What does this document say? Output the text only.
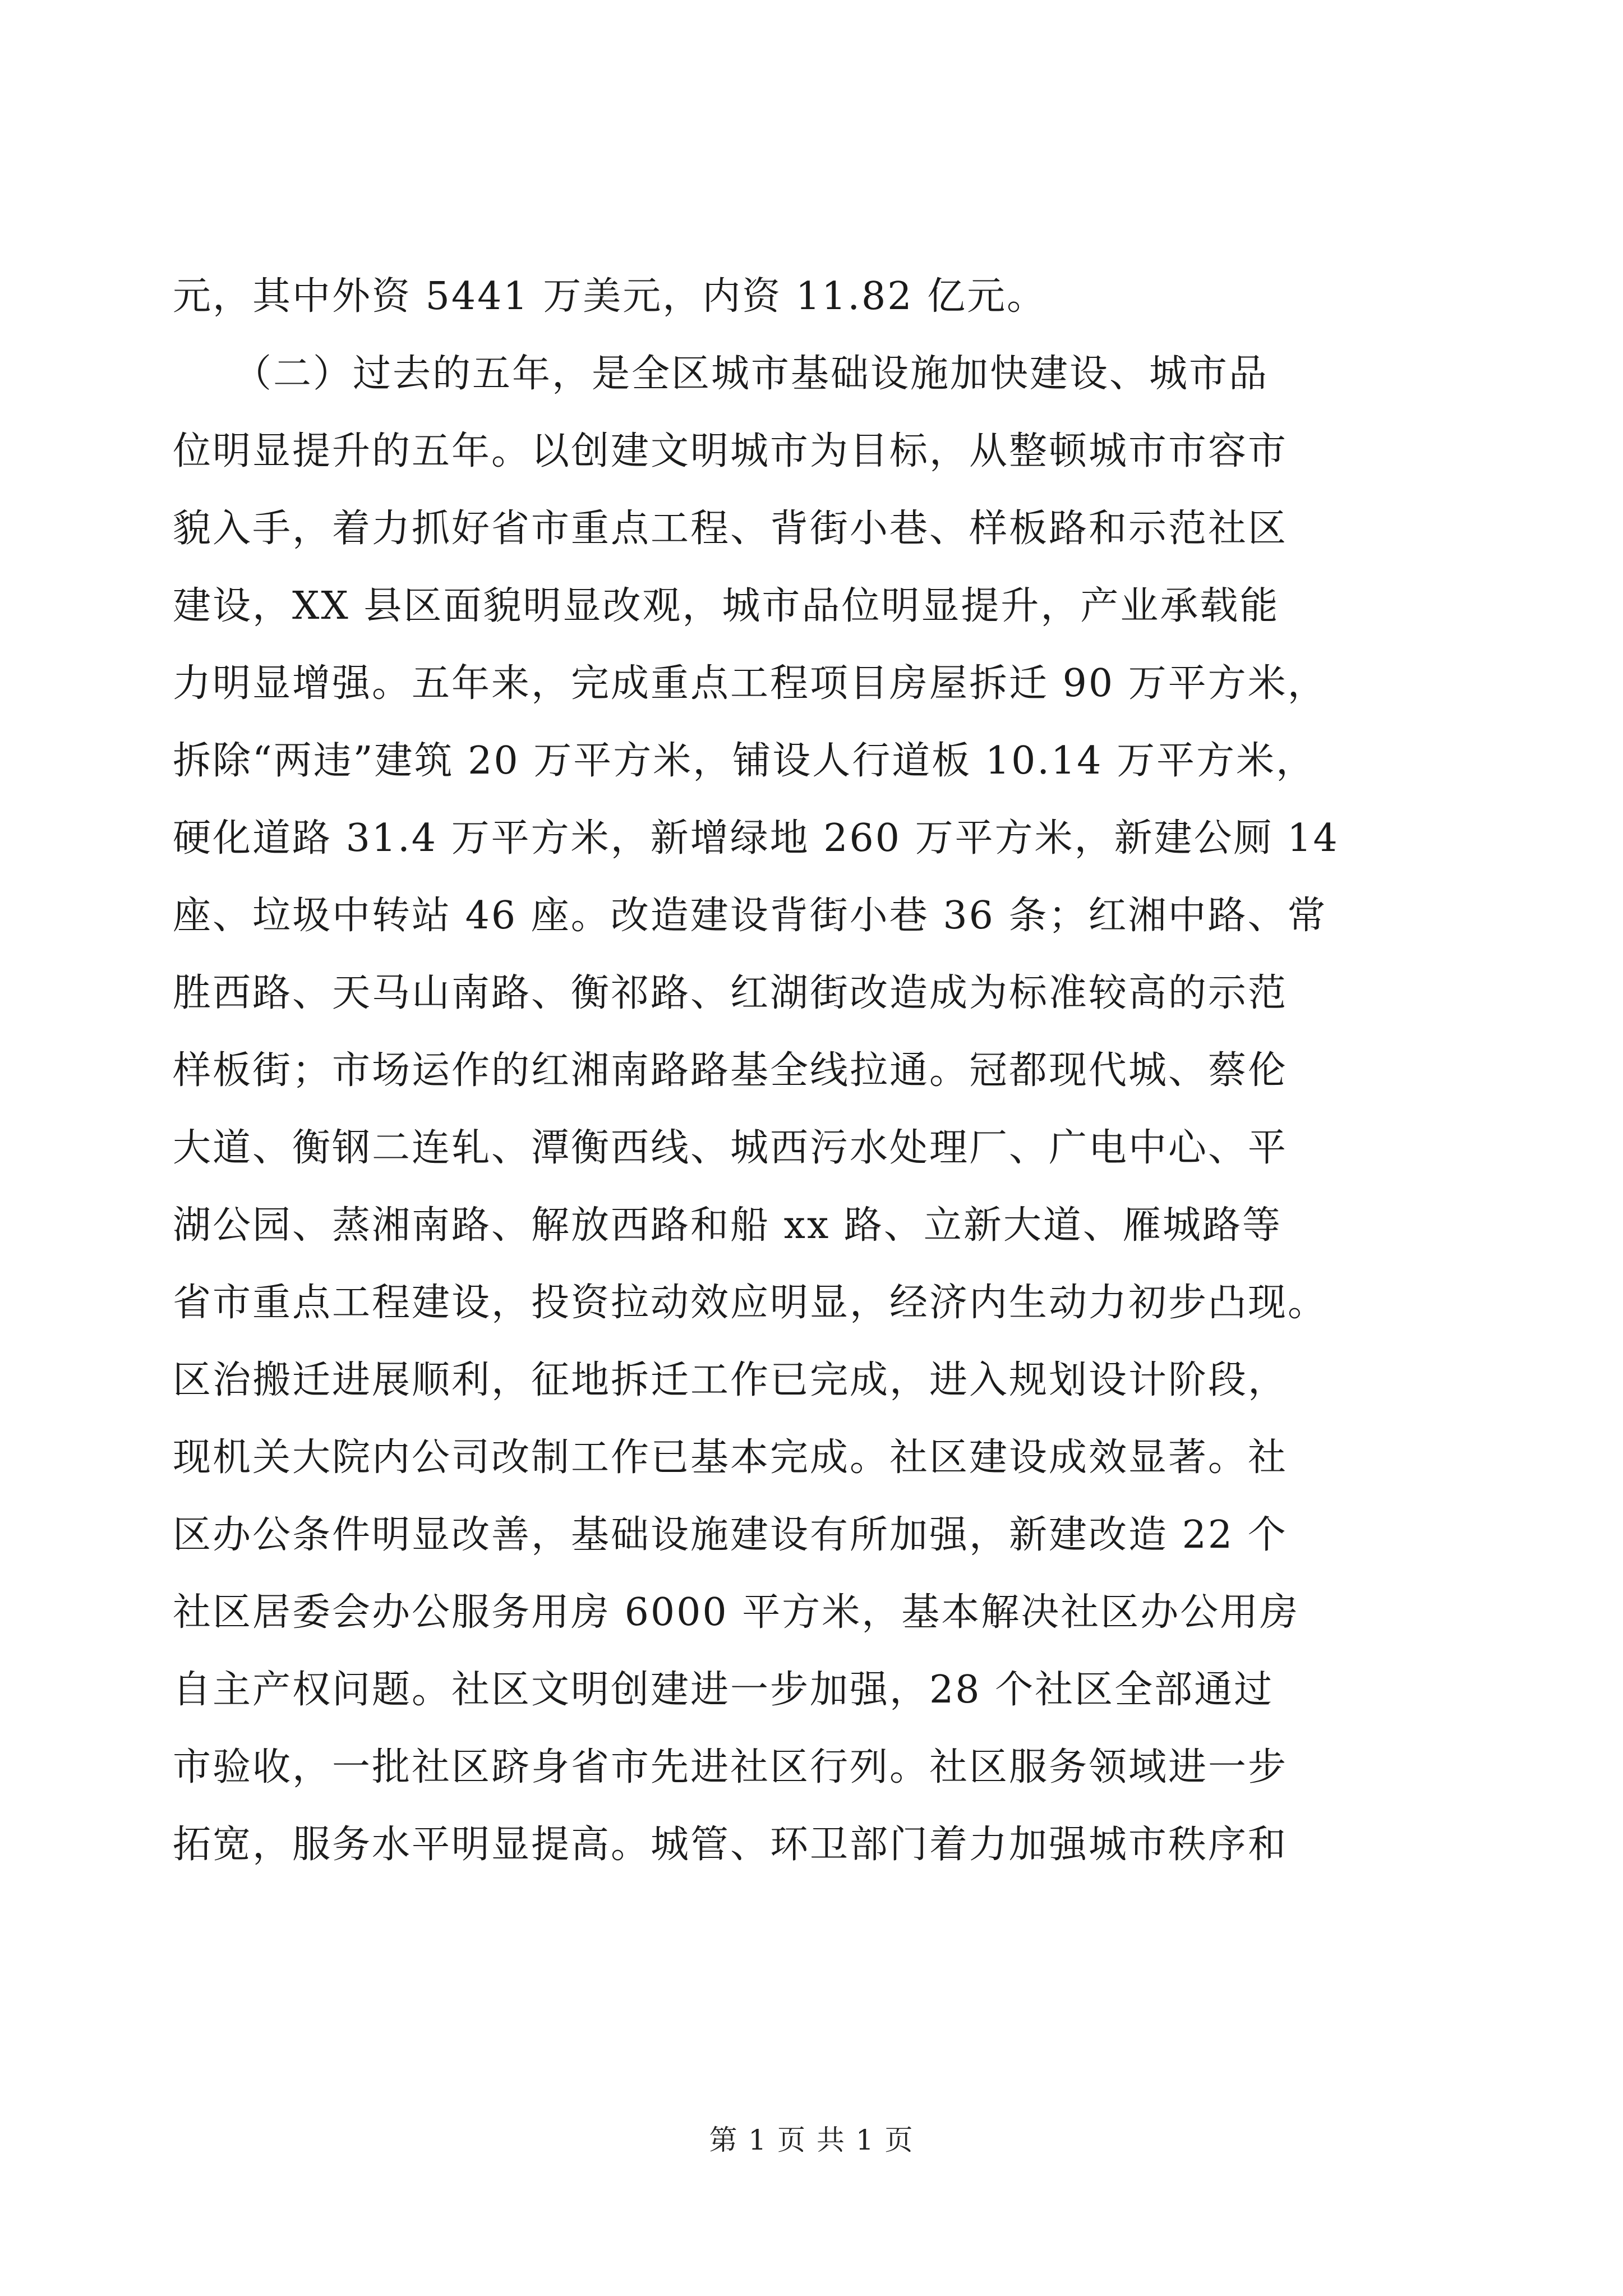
元，其中外资 5441 万美元，内资 11.82 亿元。
　　（二）过去的五年，是全区城市基础设施加快建设、城市品
位明显提升的五年。以创建文明城市为目标，从整顿城市市容市
貌入手，着力抓好省市重点工程、背街小巷、样板路和示范社区
建设，XX 县区面貌明显改观，城市品位明显提升，产业承载能
力明显增强。五年来，完成重点工程项目房屋拆迁 90 万平方米，
拆除“两违”建筑 20 万平方米，铺设人行道板 10.14 万平方米，
硬化道路 31.4 万平方米，新增绿地 260 万平方米，新建公厕 14
座、垃圾中转站 46 座。改造建设背街小巷 36 条；红湘中路、常
胜西路、天马山南路、衡祁路、红湖街改造成为标准较高的示范
样板街；市场运作的红湘南路路基全线拉通。冠都现代城、蔡伦
大道、衡钢二连轧、潭衡西线、城西污水处理厂、广电中心、平
湖公园、蒸湘南路、解放西路和船 xx 路、立新大道、雁城路等
省市重点工程建设，投资拉动效应明显，经济内生动力初步凸现。
区治搬迁进展顺利，征地拆迁工作已完成，进入规划设计阶段，
现机关大院内公司改制工作已基本完成。社区建设成效显著。社
区办公条件明显改善，基础设施建设有所加强，新建改造 22 个
社区居委会办公服务用房 6000 平方米，基本解决社区办公用房
自主产权问题。社区文明创建进一步加强，28 个社区全部通过
市验收，一批社区跻身省市先进社区行列。社区服务领域进一步
拓宽，服务水平明显提高。城管、环卫部门着力加强城市秩序和
第 1 页 共 1 页
